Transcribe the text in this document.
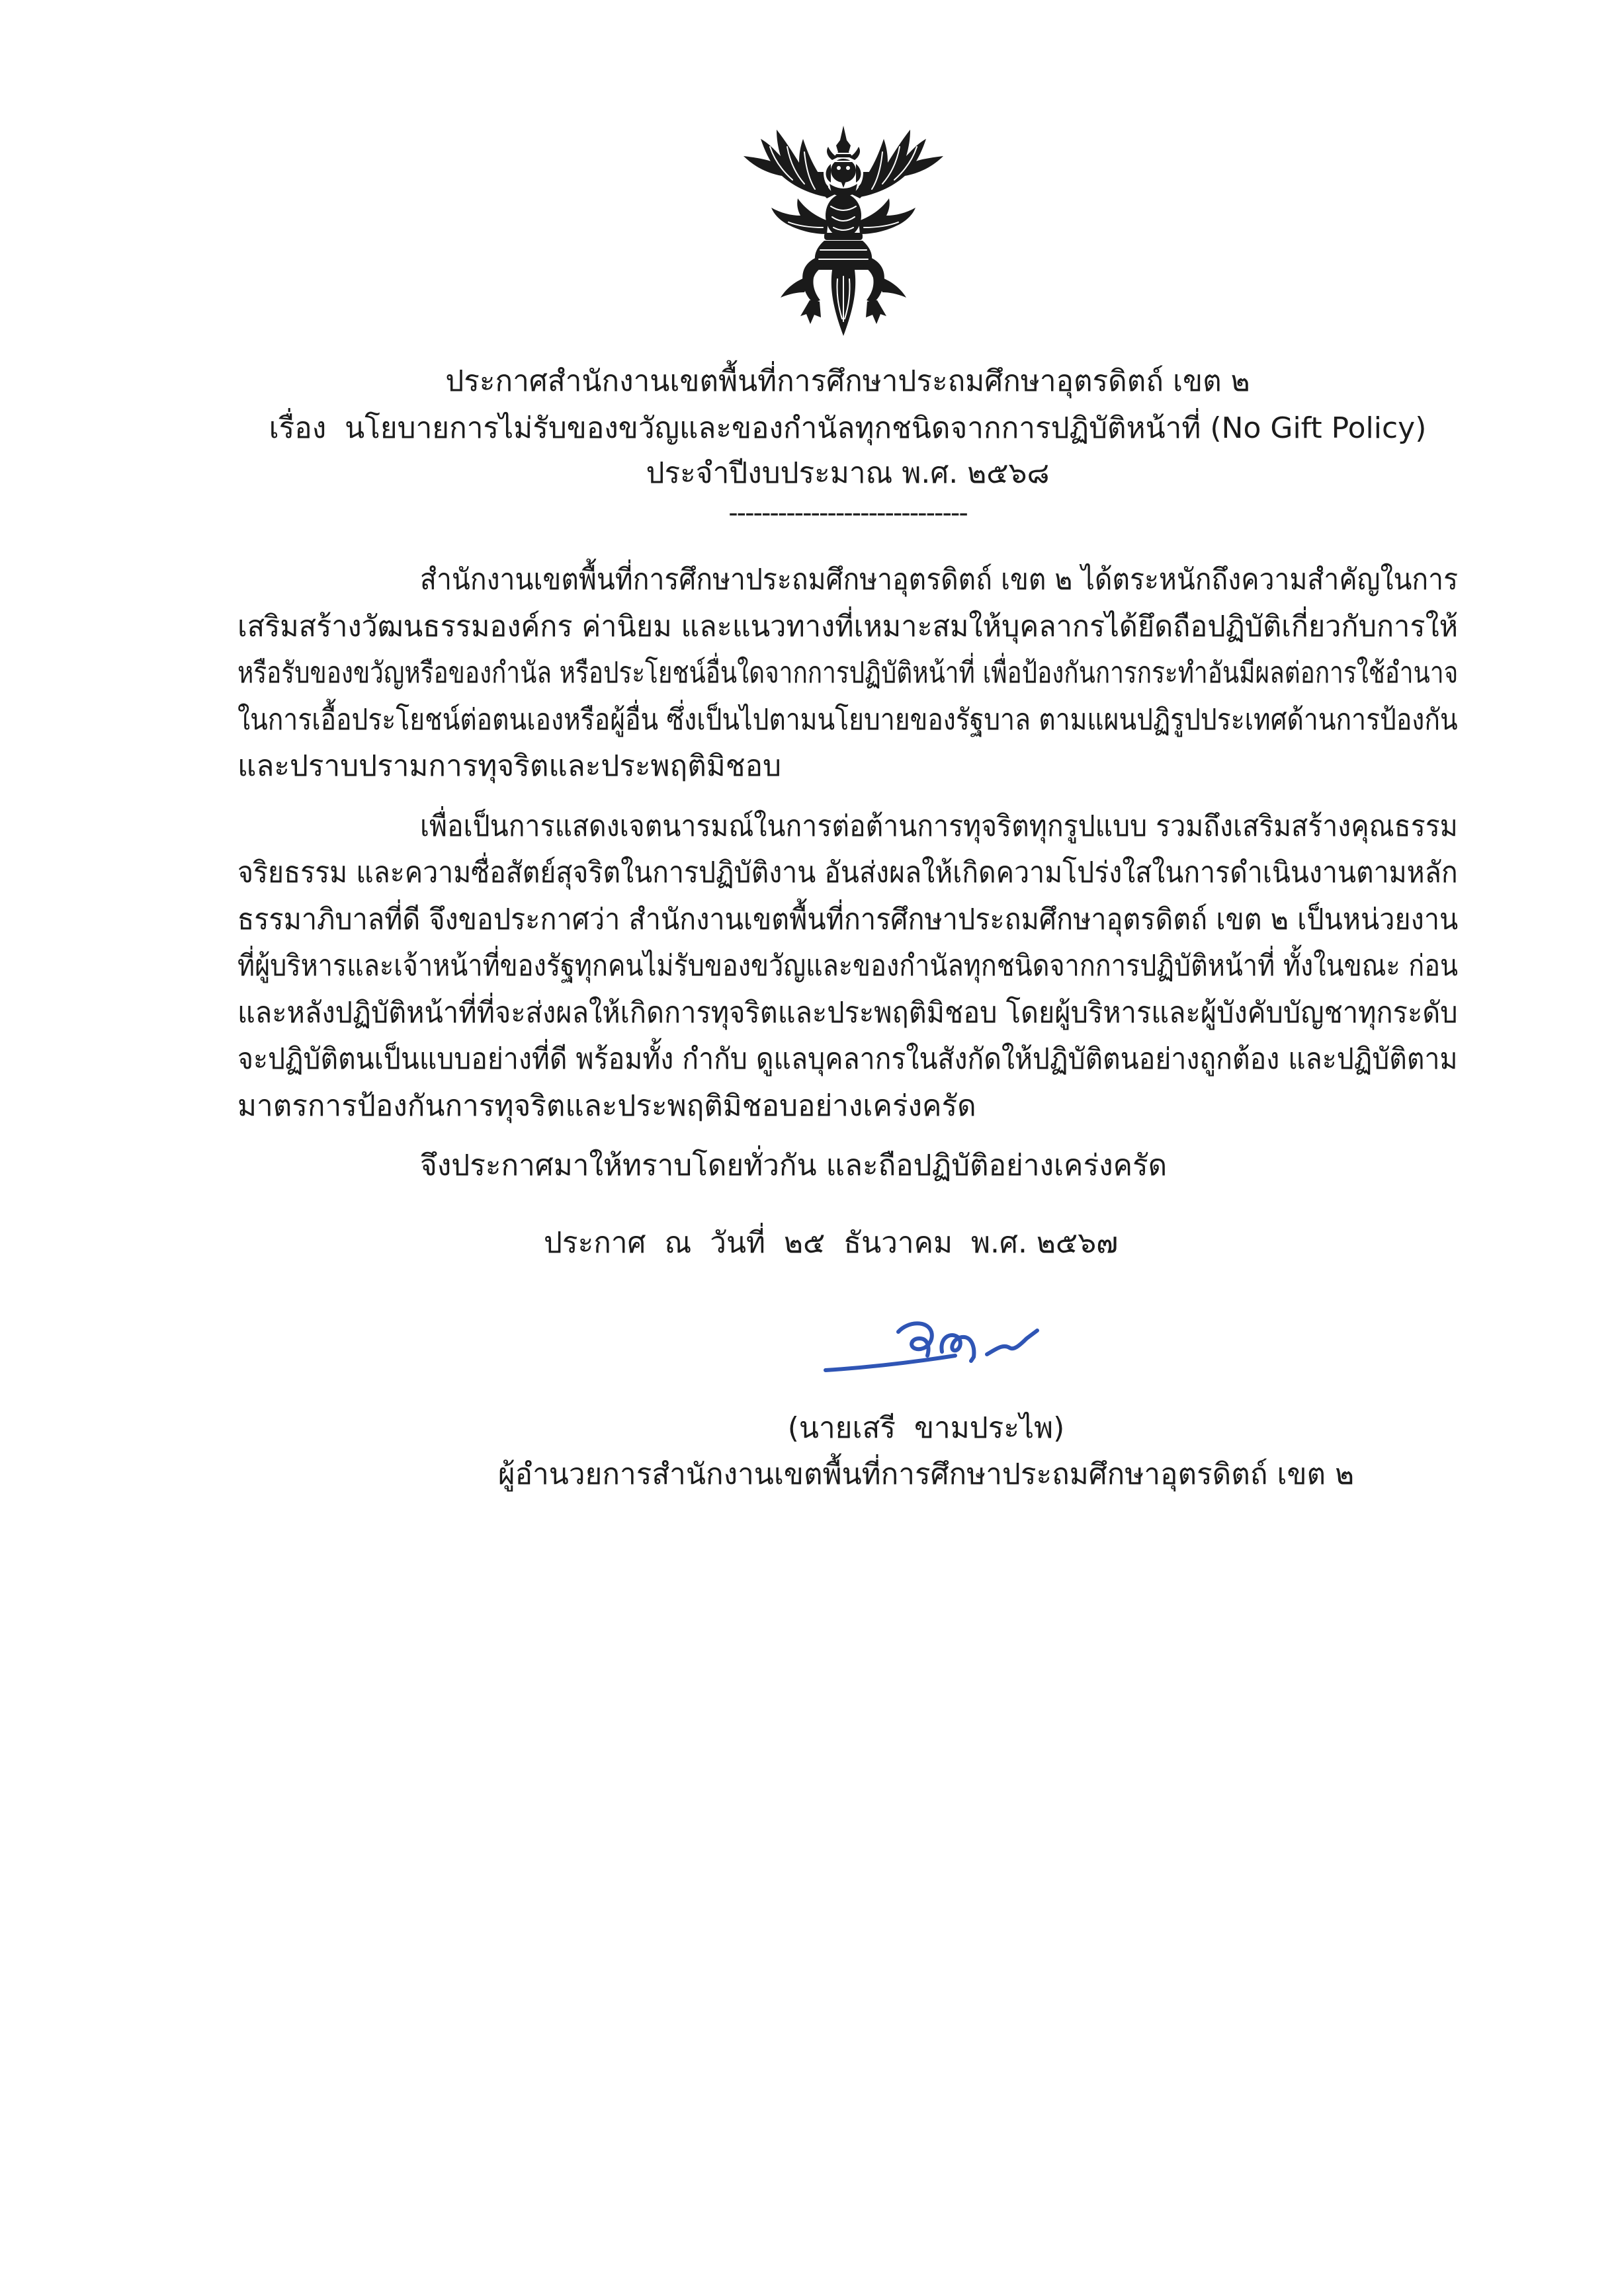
ประกาศสำนักงานเขตพื้นที่การศึกษาประถมศึกษาอุตรดิตถ์ เขต ๒
เรื่อง  นโยบายการไม่รับของขวัญและของกำนัลทุกชนิดจากการปฏิบัติหน้าที่ (No Gift Policy)
ประจำปีงบประมาณ พ.ศ. ๒๕๖๘
-----------------------------
สำนักงานเขตพื้นที่การศึกษาประถมศึกษาอุตรดิตถ์ เขต ๒ ได้ตระหนักถึงความสำคัญในการ
เสริมสร้างวัฒนธรรมองค์กร ค่านิยม และแนวทางที่เหมาะสมให้บุคลากรได้ยึดถือปฏิบัติเกี่ยวกับการให้
หรือรับของขวัญหรือของกำนัล หรือประโยชน์อื่นใดจากการปฏิบัติหน้าที่ เพื่อป้องกันการกระทำอันมีผลต่อการใช้อำนาจ
ในการเอื้อประโยชน์ต่อตนเองหรือผู้อื่น ซึ่งเป็นไปตามนโยบายของรัฐบาล ตามแผนปฏิรูปประเทศด้านการป้องกัน
และปราบปรามการทุจริตและประพฤติมิชอบ
เพื่อเป็นการแสดงเจตนารมณ์ในการต่อต้านการทุจริตทุกรูปแบบ รวมถึงเสริมสร้างคุณธรรม
จริยธรรม และความซื่อสัตย์สุจริตในการปฏิบัติงาน อันส่งผลให้เกิดความโปร่งใสในการดำเนินงานตามหลัก
ธรรมาภิบาลที่ดี จึงขอประกาศว่า สำนักงานเขตพื้นที่การศึกษาประถมศึกษาอุตรดิตถ์ เขต ๒ เป็นหน่วยงาน
ที่ผู้บริหารและเจ้าหน้าที่ของรัฐทุกคนไม่รับของขวัญและของกำนัลทุกชนิดจากการปฏิบัติหน้าที่ ทั้งในขณะ ก่อน
และหลังปฏิบัติหน้าที่ที่จะส่งผลให้เกิดการทุจริตและประพฤติมิชอบ โดยผู้บริหารและผู้บังคับบัญชาทุกระดับ
จะปฏิบัติตนเป็นแบบอย่างที่ดี พร้อมทั้ง กำกับ ดูแลบุคลากรในสังกัดให้ปฏิบัติตนอย่างถูกต้อง และปฏิบัติตาม
มาตรการป้องกันการทุจริตและประพฤติมิชอบอย่างเคร่งครัด
จึงประกาศมาให้ทราบโดยทั่วกัน และถือปฏิบัติอย่างเคร่งครัด
ประกาศ  ณ  วันที่  ๒๕  ธันวาคม  พ.ศ. ๒๕๖๗
(นายเสรี  ขามประไพ)
ผู้อำนวยการสำนักงานเขตพื้นที่การศึกษาประถมศึกษาอุตรดิตถ์ เขต ๒
